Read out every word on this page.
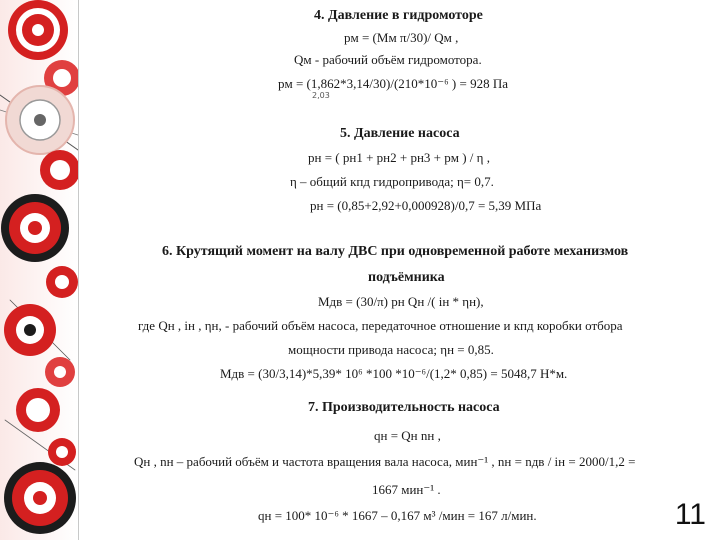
4. Давление в гидромоторе
pм = (Mм π/30)/ Qм ,
Qм - рабочий объём гидромотора.
pм = (1,862*3,14/30)/(210*10⁻⁶ ) = 928 Па
2,03
5. Давление насоса
pн = ( pн1 + pн2 + pн3 + pм ) / η ,
η – общий кпд гидропривода; η= 0,7.
pн = (0,85+2,92+0,000928)/0,7 = 5,39 МПа
6. Крутящий момент на валу ДВС при одновременной работе механизмов
подъёмника
Mдв = (30/π) pн Qн /( iн * ηн),
где Qн , iн , ηн, - рабочий объём насоса, передаточное отношение и кпд коробки отбора
мощности привода насоса; ηн = 0,85.
Mдв = (30/3,14)*5,39* 10⁶ *100 *10⁻⁶/(1,2* 0,85) = 5048,7 Н*м.
7. Производительность насоса
qн = Qн nн ,
Qн , nн – рабочий объём и частота вращения вала насоса, мин⁻¹ , nн = nдв / iн = 2000/1,2 =
1667 мин⁻¹ .
qн = 100* 10⁻⁶ * 1667 – 0,167 м³ /мин = 167 л/мин.	11
